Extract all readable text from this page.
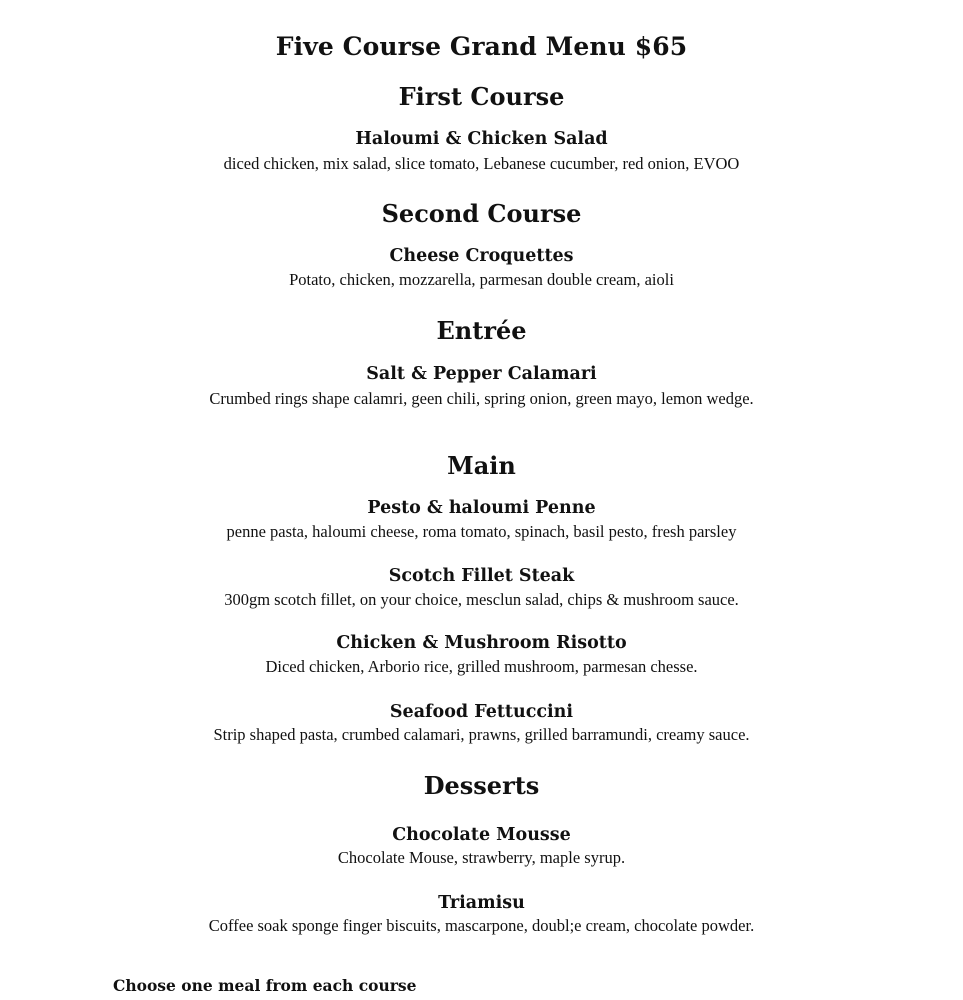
Five Course Grand Menu $65
First Course
Haloumi & Chicken Salad
diced chicken, mix salad, slice tomato, Lebanese cucumber, red onion, EVOO
Second Course
Cheese Croquettes
Potato, chicken, mozzarella, parmesan double cream, aioli
Entrée
Salt & Pepper Calamari
Crumbed rings shape calamri, geen chili, spring onion, green mayo, lemon wedge.
Main
Pesto & haloumi Penne
penne pasta, haloumi cheese, roma tomato, spinach, basil pesto, fresh parsley
Scotch Fillet Steak
300gm scotch fillet, on your choice, mesclun salad, chips & mushroom sauce.
Chicken & Mushroom Risotto
Diced chicken, Arborio rice, grilled mushroom, parmesan chesse.
Seafood Fettuccini
Strip shaped pasta, crumbed calamari, prawns, grilled barramundi, creamy sauce.
Desserts
Chocolate Mousse
Chocolate Mouse, strawberry, maple syrup.
Triamisu
Coffee soak sponge finger biscuits, mascarpone, doubl;e cream, chocolate powder.
Choose one meal from each course
